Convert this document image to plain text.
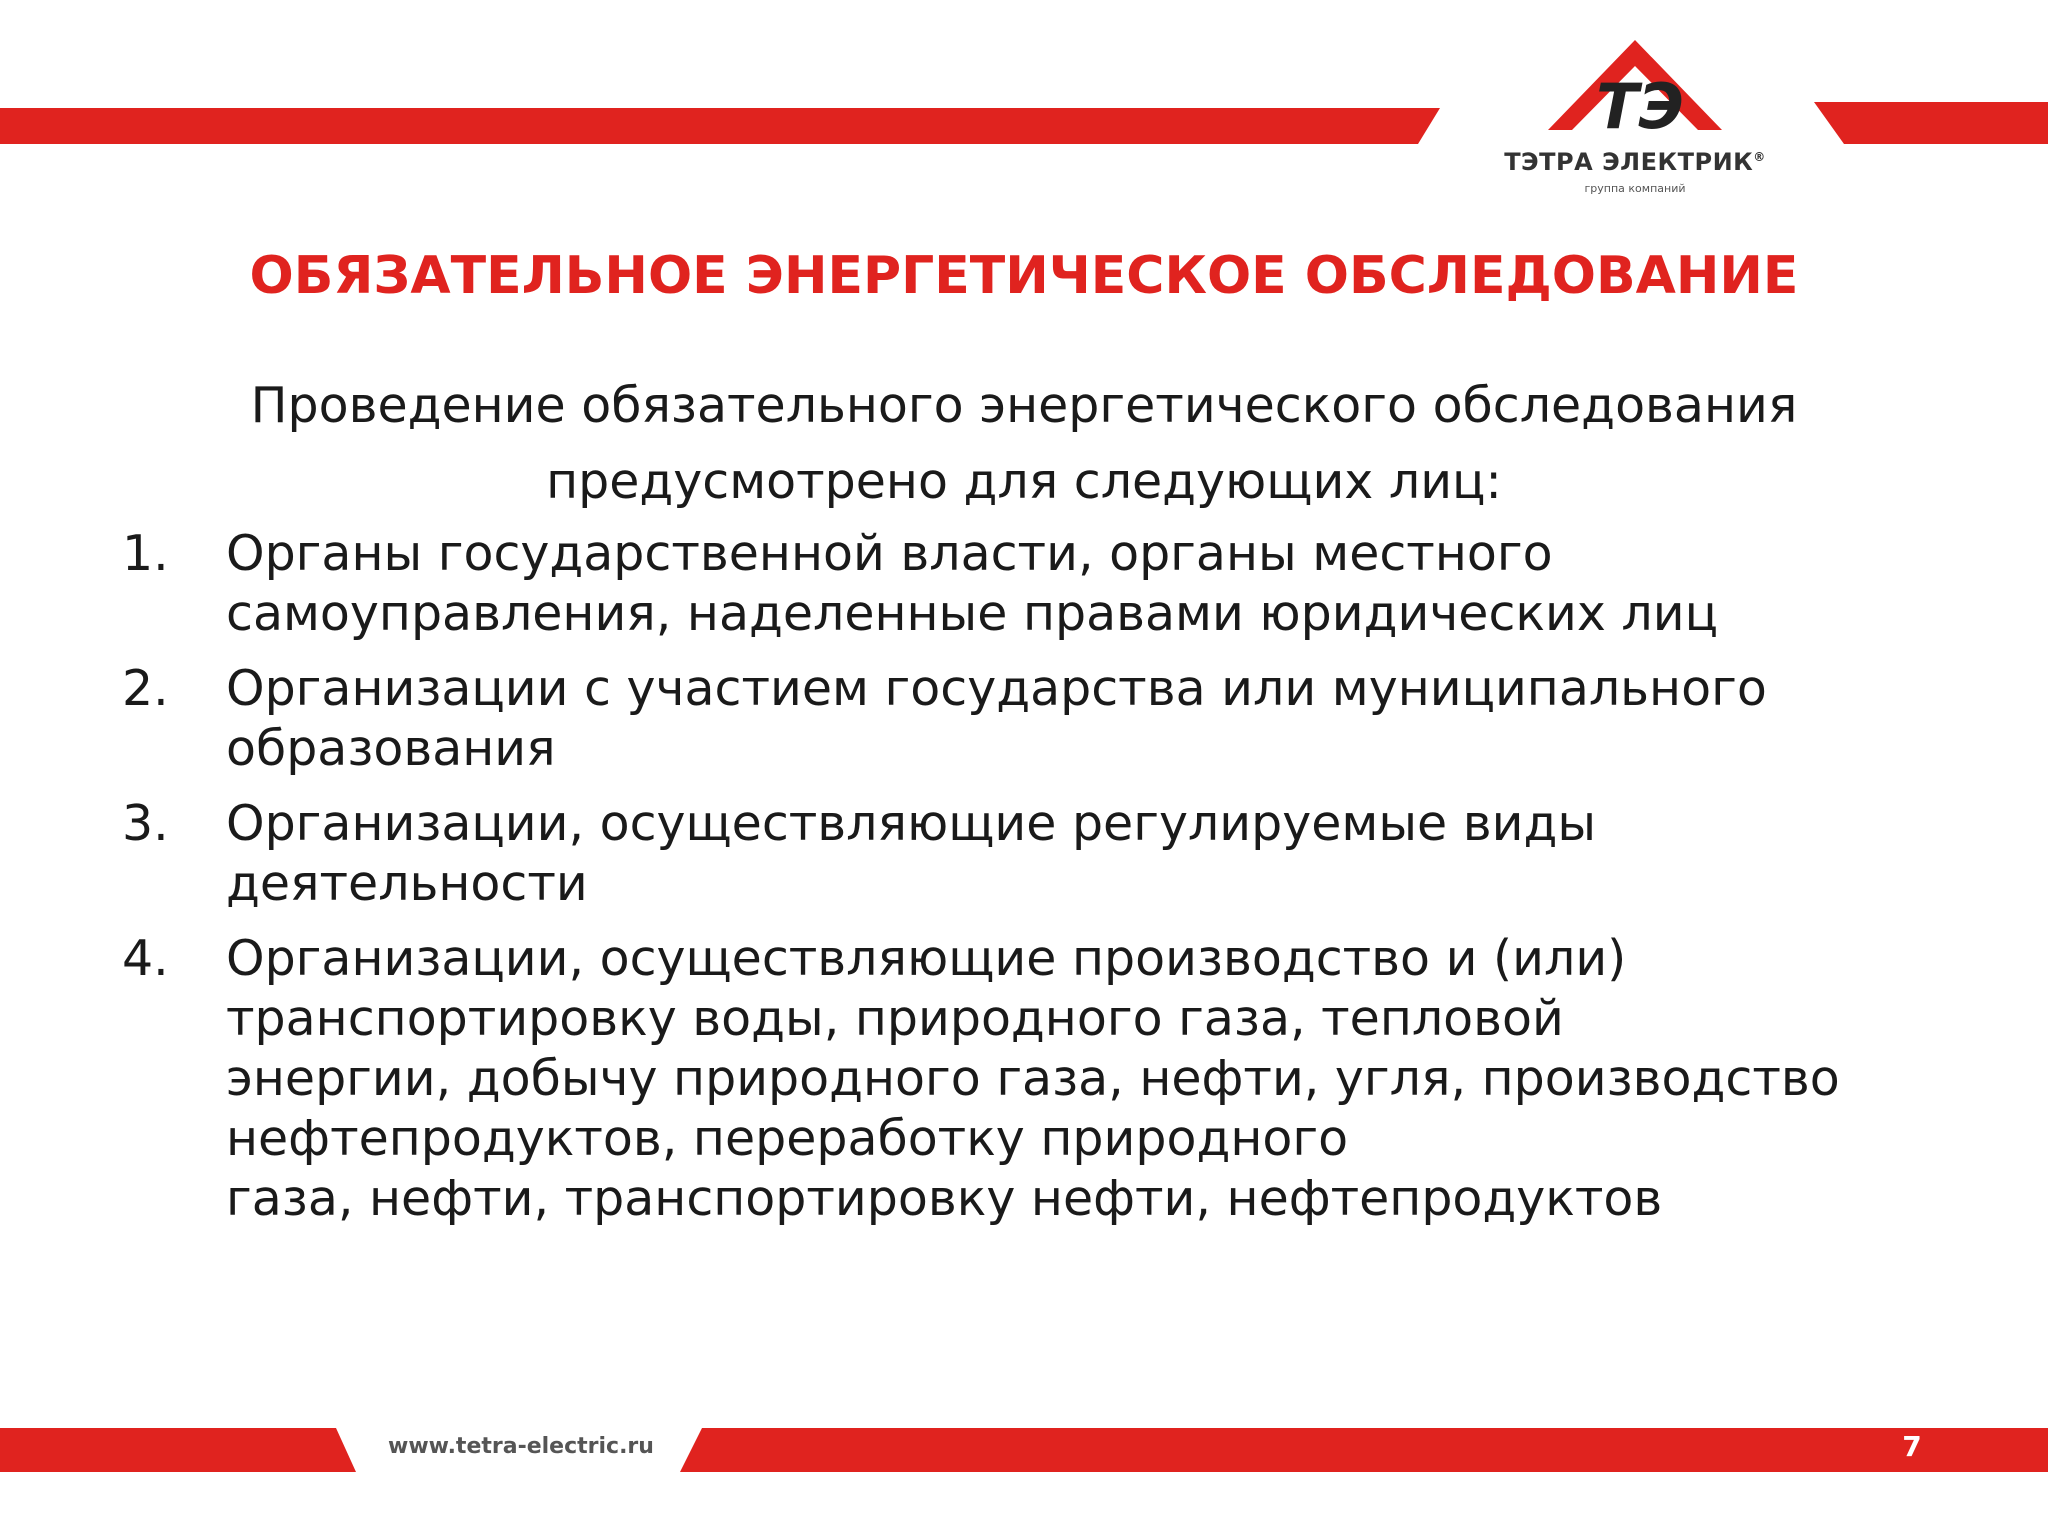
ТЭ
ТЭТРА ЭЛЕКТРИК®
группа компаний
ОБЯЗАТЕЛЬНОЕ ЭНЕРГЕТИЧЕСКОЕ ОБСЛЕДОВАНИЕ
Проведение обязательного энергетического обследования
предусмотрено для следующих лиц:
1. Органы государственной власти, органы местного
самоуправления, наделенные правами юридических лиц
2. Организации с участием государства или муниципального
образования
3. Организации, осуществляющие регулируемые виды
деятельности
4. Организации, осуществляющие производство и (или)
транспортировку воды, природного газа, тепловой
энергии, добычу природного газа, нефти, угля, производство
нефтепродуктов, переработку природного
газа, нефти, транспортировку нефти, нефтепродуктов
www.tetra-electric.ru	7
